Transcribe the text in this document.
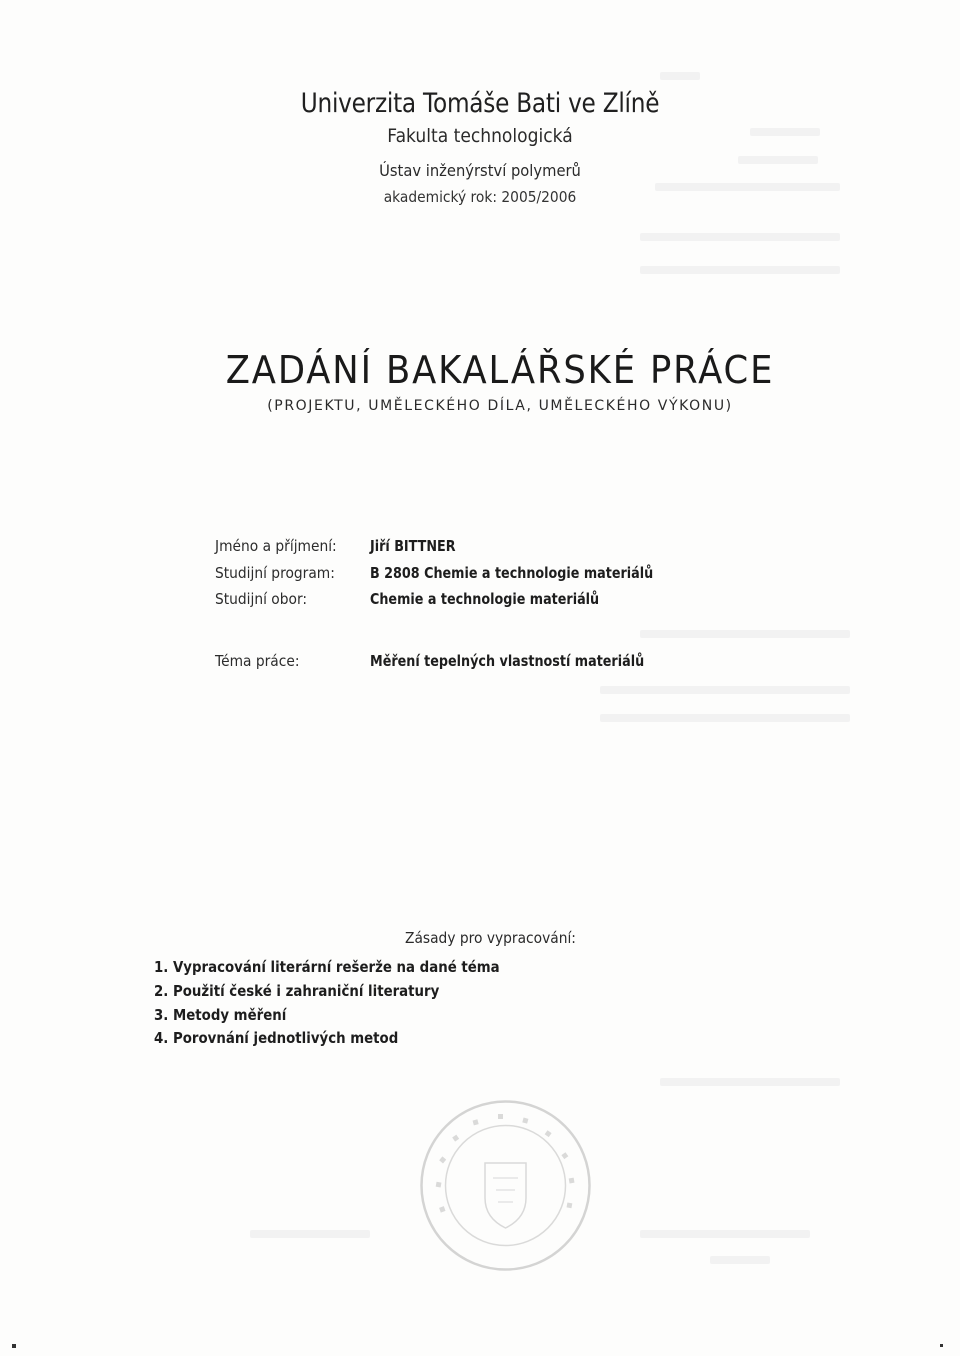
Univerzita Tomáše Bati ve Zlíně
Fakulta technologická
Ústav inženýrství polymerů
akademický rok: 2005/2006
ZADÁNÍ BAKALÁŘSKÉ PRÁCE
(PROJEKTU, UMĚLECKÉHO DÍLA, UMĚLECKÉHO VÝKONU)
Jméno a příjmení: Jiří BITTNER
Studijní program: B 2808 Chemie a technologie materiálů
Studijní obor:	Chemie a technologie materiálů
Téma práce:	Měření tepelných vlastností materiálů
Zásady pro vypracování:
1. Vypracování literární rešerže na dané téma
2. Použití české i zahraniční literatury
3. Metody měření
4. Porovnání jednotlivých metod
